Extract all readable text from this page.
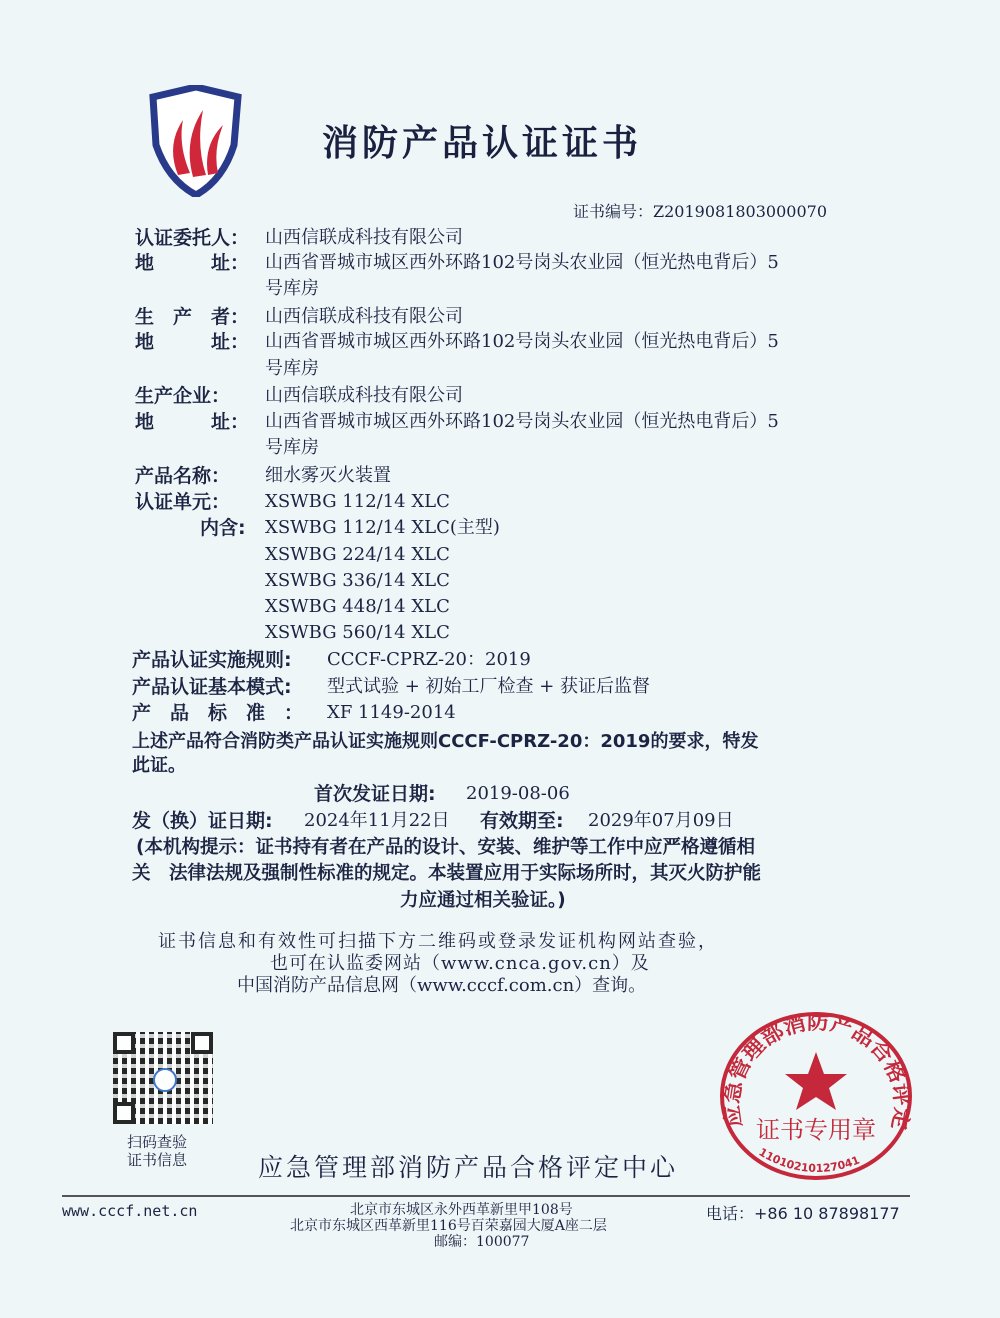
消防产品认证证书
证书编号：Z2019081803000070
认证委托人： 山西信联成科技有限公司
地　　　址： 山西省晋城市城区西外环路102号岗头农业园（恒光热电背后）5
号库房
生　产　者： 山西信联成科技有限公司
地　　　址： 山西省晋城市城区西外环路102号岗头农业园（恒光热电背后）5
号库房
生产企业：	山西信联成科技有限公司
地　　　址： 山西省晋城市城区西外环路102号岗头农业园（恒光热电背后）5
号库房
产品名称：	细水雾灭火装置
认证单元：	XSWBG 112/14 XLC
内含: XSWBG 112/14 XLC(主型)
XSWBG 224/14 XLC
XSWBG 336/14 XLC
XSWBG 448/14 XLC
XSWBG 560/14 XLC
产品认证实施规则: CCCF-CPRZ-20：2019
产品认证基本模式: 型式试验 + 初始工厂检查 + 获证后监督
产　品　标　准　： XF 1149-2014
上述产品符合消防类产品认证实施规则CCCF-CPRZ-20：2019的要求，特发
此证。
首次发证日期: 2019-08-06
发（换）证日期: 2024年11月22日 有效期至: 2029年07月09日
(本机构提示：证书持有者在产品的设计、安装、维护等工作中应严格遵循相
关　法律法规及强制性标准的规定。本装置应用于实际场所时，其灭火防护能
力应通过相关验证。)
证书信息和有效性可扫描下方二维码或登录发证机构网站查验，
也可在认监委网站（www.cnca.gov.cn）及
中国消防产品信息网（www.cccf.com.cn）查询。
扫码查验
证书信息	应急管理部消防产品合格评定中心
应急管理部消防产品合格评定
证书专用章
11010210127041
www.cccf.net.cn	北京市东城区永外西革新里甲108号
北京市东城区西革新里116号百荣嘉园大厦A座二层
邮编：100077
电话：+86 10 87898177
